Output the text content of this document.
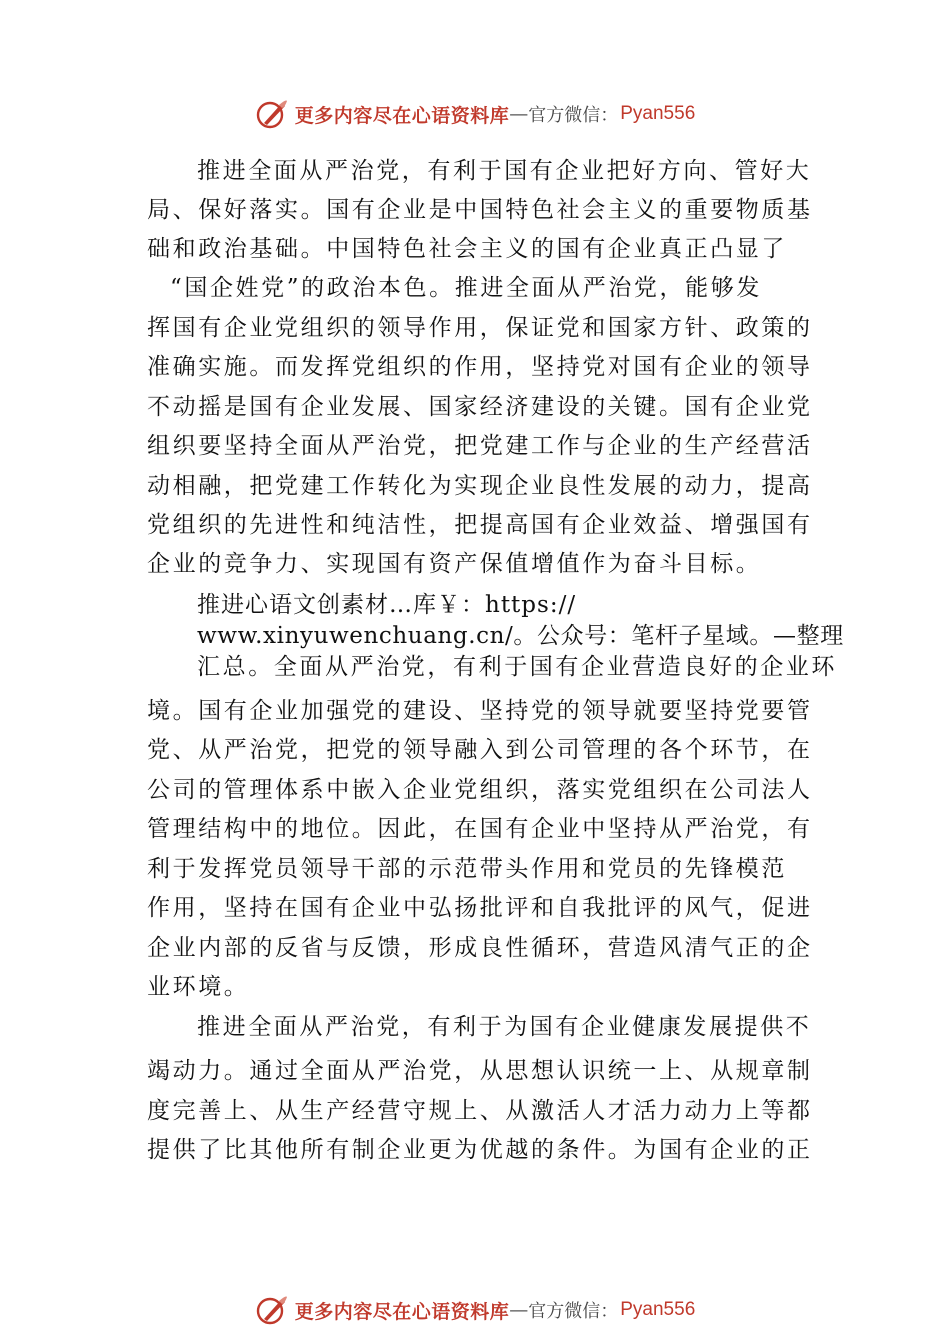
更多内容尽在心语资料库 — 官方微信： Pyan556
推进全面从严治党，有利于国有企业把好方向、管好大
局、保好落实。国有企业是中国特色社会主义的重要物质基
础和政治基础。中国特色社会主义的国有企业真正凸显了
“国企姓党”的政治本色。推进全面从严治党，能够发
挥国有企业党组织的领导作用，保证党和国家方针、政策的
准确实施。而发挥党组织的作用，坚持党对国有企业的领导
不动摇是国有企业发展、国家经济建设的关键。国有企业党
组织要坚持全面从严治党，把党建工作与企业的生产经营活
动相融，把党建工作转化为实现企业良性发展的动力，提高
党组织的先进性和纯洁性，把提高国有企业效益、增强国有
企业的竞争力、实现国有资产保值增值作为奋斗目标。
推进心语文创素材…库￥：https://
www.xinyuwenchuang.cn/。公众号：笔杆子星域。—整理
汇总。全面从严治党，有利于国有企业营造良好的企业环
境。国有企业加强党的建设、坚持党的领导就要坚持党要管
党、从严治党，把党的领导融入到公司管理的各个环节，在
公司的管理体系中嵌入企业党组织，落实党组织在公司法人
管理结构中的地位。因此，在国有企业中坚持从严治党，有
利于发挥党员领导干部的示范带头作用和党员的先锋模范
作用，坚持在国有企业中弘扬批评和自我批评的风气，促进
企业内部的反省与反馈，形成良性循环，营造风清气正的企
业环境。
推进全面从严治党，有利于为国有企业健康发展提供不
竭动力。通过全面从严治党，从思想认识统一上、从规章制
度完善上、从生产经营守规上、从激活人才活力动力上等都
提供了比其他所有制企业更为优越的条件。为国有企业的正
更多内容尽在心语资料库 — 官方微信： Pyan556
